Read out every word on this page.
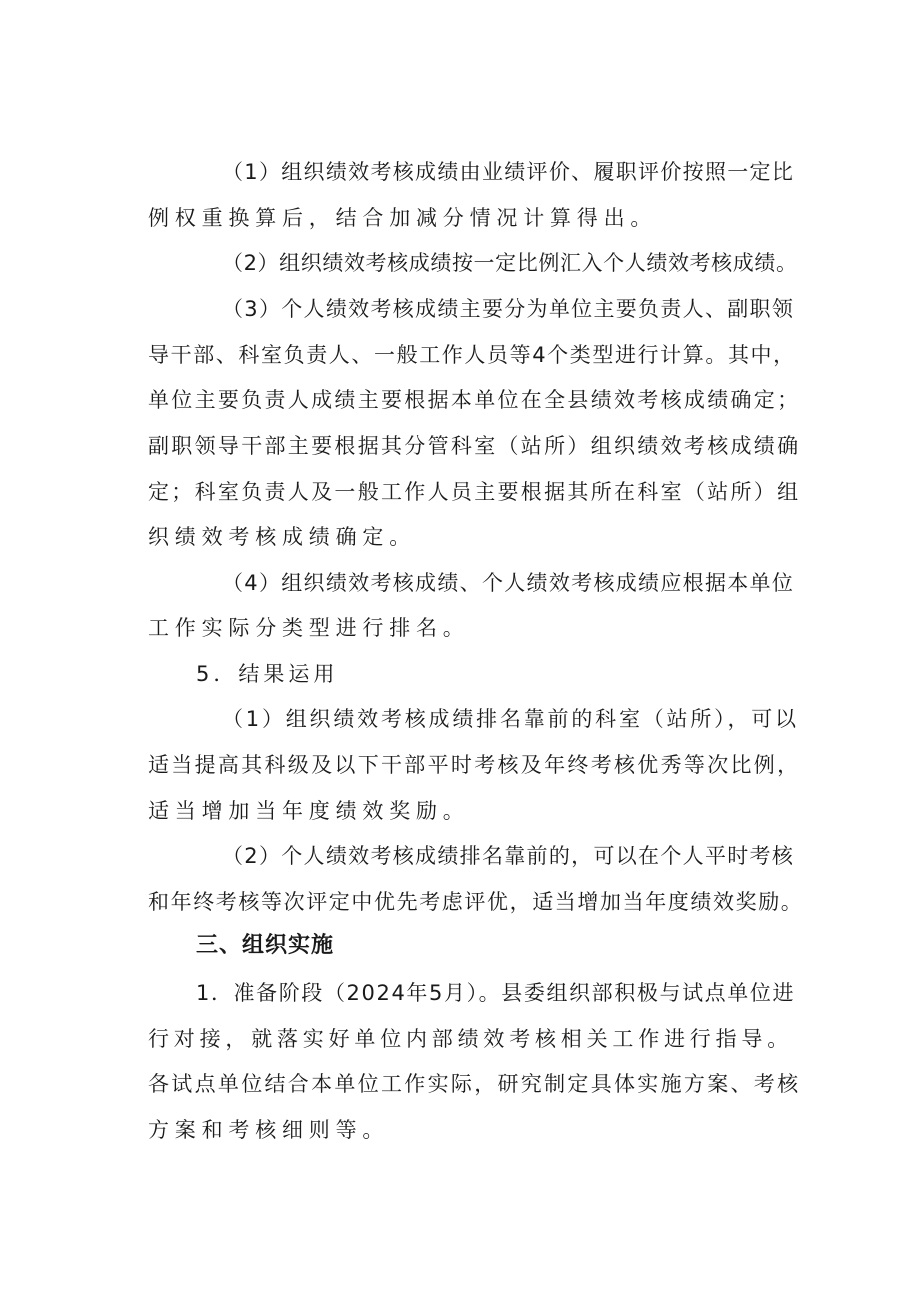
（1）组织绩效考核成绩由业绩评价、履职评价按照一定比
例权重换算后，结合加减分情况计算得出。
（2）组织绩效考核成绩按一定比例汇入个人绩效考核成绩。
（3）个人绩效考核成绩主要分为单位主要负责人、副职领
导干部、科室负责人、一般工作人员等4个类型进行计算。其中，
单位主要负责人成绩主要根据本单位在全县绩效考核成绩确定；
副职领导干部主要根据其分管科室（站所）组织绩效考核成绩确
定；科室负责人及一般工作人员主要根据其所在科室（站所）组
织绩效考核成绩确定。
（4）组织绩效考核成绩、个人绩效考核成绩应根据本单位
工作实际分类型进行排名。
5．结果运用
（1）组织绩效考核成绩排名靠前的科室（站所），可以
适当提高其科级及以下干部平时考核及年终考核优秀等次比例，
适当增加当年度绩效奖励。
（2）个人绩效考核成绩排名靠前的，可以在个人平时考核
和年终考核等次评定中优先考虑评优，适当增加当年度绩效奖励。
三、组织实施
1．准备阶段（2024年5月）。县委组织部积极与试点单位进
行对接，就落实好单位内部绩效考核相关工作进行指导。
各试点单位结合本单位工作实际，研究制定具体实施方案、考核
方案和考核细则等。
